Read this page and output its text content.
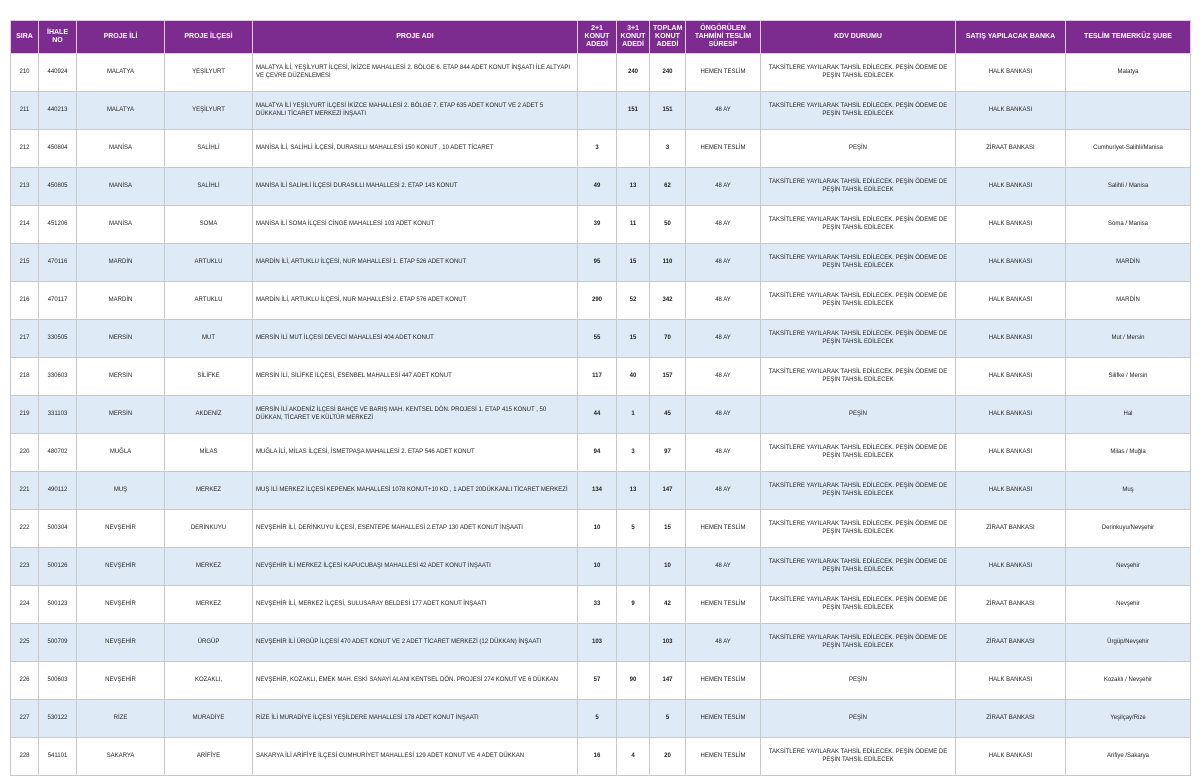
SIRA	İHALE NO	PROJE İLİ	PROJE İLÇESİ	PROJE ADI	2+1 KONUT ADEDİ	3+1 KONUT ADEDİ	TOPLAM KONUT ADEDİ	ÖNGÖRÜLEN TAHMİNİ TESLİM SÜRESİ*	KDV DURUMU	SATIŞ YAPILACAK BANKA	TESLİM TEMERKÜZ ŞUBE
210	440924	MALATYA	YEŞİLYURT	MALATYA İLİ, YEŞİLYURT İLÇESİ, İKİZCE MAHALLESİ 2. BÖLGE 6. ETAP 844 ADET KONUT İNŞAATI İLE ALTYAPI VE ÇEVRE DÜZENLEMESİ		240	240	HEMEN TESLİM	TAKSİTLERE YAYILARAK TAHSİL EDİLECEK. PEŞİN ÖDEME DE PEŞİN TAHSİL EDİLECEK	HALK BANKASI	Malatya
211	440213	MALATYA	YEŞİLYURT	MALATYA İLİ YEŞİLYURT İLÇESİ İKİZCE MAHALLESİ 2. BÖLGE 7. ETAP 635 ADET KONUT VE 2 ADET 5 DÜKKANLI TİCARET MERKEZİ İNŞAATI		151	151	48 AY	TAKSİTLERE YAYILARAK TAHSİL EDİLECEK. PEŞİN ÖDEME DE PEŞİN TAHSİL EDİLECEK	HALK BANKASI	
212	450804	MANİSA	SALİHLİ	MANİSA İLİ, SALİHLİ İLÇESİ, DURASILLI MAHALLESİ 150 KONUT , 10 ADET TİCARET	3		3	HEMEN TESLİM	PEŞİN	ZİRAAT BANKASI	Cumhuriyet-Salihli/Manisa
213	450805	MANİSA	SALİHLİ	MANİSA İLİ SALİHLİ İLÇESİ DURASILLI MAHALLESİ 2. ETAP 143 KONUT	49	13	62	48 AY	TAKSİTLERE YAYILARAK TAHSİL EDİLECEK. PEŞİN ÖDEME DE PEŞİN TAHSİL EDİLECEK	HALK BANKASI	Salihli / Manisa
214	451206	MANİSA	SOMA	MANİSA İLİ SOMA İLÇESİ CİNGE MAHALLESİ 103 ADET KONUT	39	11	50	48 AY	TAKSİTLERE YAYILARAK TAHSİL EDİLECEK. PEŞİN ÖDEME DE PEŞİN TAHSİL EDİLECEK	HALK BANKASI	Soma / Manisa
215	470116	MARDİN	ARTUKLU	MARDİN İLİ, ARTUKLU İLÇESİ, NUR MAHALLESİ 1. ETAP 526 ADET KONUT	95	15	110	48 AY	TAKSİTLERE YAYILARAK TAHSİL EDİLECEK. PEŞİN ÖDEME DE PEŞİN TAHSİL EDİLECEK	HALK BANKASI	MARDİN
216	470117	MARDİN	ARTUKLU	MARDİN İLİ, ARTUKLU İLÇESİ, NUR MAHALLESİ 2. ETAP 576 ADET KONUT	290	52	342	48 AY	TAKSİTLERE YAYILARAK TAHSİL EDİLECEK. PEŞİN ÖDEME DE PEŞİN TAHSİL EDİLECEK	HALK BANKASI	MARDİN
217	330505	MERSİN	MUT	MERSİN İLİ MUT İLÇESİ DEVECİ MAHALLESİ 404 ADET KONUT	55	15	70	48 AY	TAKSİTLERE YAYILARAK TAHSİL EDİLECEK. PEŞİN ÖDEME DE PEŞİN TAHSİL EDİLECEK	HALK BANKASI	Mut / Mersin
218	330603	MERSİN	SİLİFKE	MERSİN İLİ, SİLİFKE İLÇESİ, ESENBEL MAHALLESİ 447 ADET KONUT	117	40	157	48 AY	TAKSİTLERE YAYILARAK TAHSİL EDİLECEK. PEŞİN ÖDEME DE PEŞİN TAHSİL EDİLECEK	HALK BANKASI	Silifke / Mersin
219	331103	MERSİN	AKDENİZ	MERSİN İLİ AKDENİZ İLÇESİ BAHÇE VE BARIŞ MAH. KENTSEL DÖN. PROJESİ 1. ETAP 415 KONUT , 50 DÜKKAN, TİCARET VE KÜLTÜR MERKEZİ	44	1	45	48 AY	PEŞİN	HALK BANKASI	Hal
220	480702	MUĞLA	MİLAS	MUĞLA İLİ, MİLAS İLÇESİ, İSMETPAŞA MAHALLESİ 2. ETAP 546 ADET KONUT	94	3	97	48 AY	TAKSİTLERE YAYILARAK TAHSİL EDİLECEK. PEŞİN ÖDEME DE PEŞİN TAHSİL EDİLECEK	HALK BANKASI	Milas / Muğla
221	490112	MUŞ	MERKEZ	MUŞ İLİ MERKEZ İLÇESİ KEPENEK MAHALLESİ 1078 KONUT+10 KD , 1 ADET 20DÜKKANLI TİCARET MERKEZİ	134	13	147	48 AY	TAKSİTLERE YAYILARAK TAHSİL EDİLECEK. PEŞİN ÖDEME DE PEŞİN TAHSİL EDİLECEK	HALK BANKASI	Muş
222	500304	NEVŞEHİR	DERİNKUYU	NEVŞEHİR İLİ, DERİNKUYU İLÇESİ, ESENTEPE MAHALLESİ 2.ETAP 130 ADET KONUT İNŞAATI	10	5	15	HEMEN TESLİM	TAKSİTLERE YAYILARAK TAHSİL EDİLECEK. PEŞİN ÖDEME DE PEŞİN TAHSİL EDİLECEK	ZİRAAT BANKASI	Derinkuyu/Nevşehir
223	500126	NEVŞEHİR	MERKEZ	NEVŞEHİR İLİ MERKEZ İLÇESİ KAPUCUBAŞI MAHALLESİ 42 ADET KONUT İNŞAATI	10		10	48 AY	TAKSİTLERE YAYILARAK TAHSİL EDİLECEK. PEŞİN ÖDEME DE PEŞİN TAHSİL EDİLECEK	HALK BANKASI	Nevşehir
224	500123	NEVŞEHİR	MERKEZ	NEVŞEHİR İLİ, MERKEZ İLÇESİ, SULUSARAY BELDESİ 177 ADET KONUT İNŞAATI	33	9	42	HEMEN TESLİM	TAKSİTLERE YAYILARAK TAHSİL EDİLECEK. PEŞİN ÖDEME DE PEŞİN TAHSİL EDİLECEK	ZİRAAT BANKASI	Nevşehir
225	500709	NEVŞEHİR	ÜRGÜP	NEVŞEHİR İLİ ÜRGÜP İLÇESİ 470 ADET KONUT VE 2 ADET TİCARET MERKEZİ (12 DÜKKAN) İNŞAATI	103		103	48 AY	TAKSİTLERE YAYILARAK TAHSİL EDİLECEK. PEŞİN ÖDEME DE PEŞİN TAHSİL EDİLECEK	ZİRAAT BANKASI	Ürgüp/Nevşehir
226	500603	NEVŞEHİR	KOZAKLI,	NEVŞEHİR, KOZAKLI, EMEK MAH. ESKİ SANAYİ ALANI KENTSEL DÖN. PROJESİ 274 KONUT VE 6 DÜKKAN	57	90	147	HEMEN TESLİM	PEŞİN	HALK BANKASI	Kozaklı / Nevşehir
227	530122	RİZE	MURADİYE	RİZE İLİ MURADİYE İLÇESİ YEŞİLDERE MAHALLESİ 178 ADET KONUT İNŞAATI	5		5	HEMEN TESLİM	PEŞİN	ZİRAAT BANKASI	Yeşilçay/Rize
228	541101	SAKARYA	ARİFİYE	SAKARYA İLİ ARİFİYE İLÇESİ CUMHURİYET MAHALLESİ 129 ADET KONUT VE 4 ADET DÜKKAN	16	4	20	HEMEN TESLİM	TAKSİTLERE YAYILARAK TAHSİL EDİLECEK. PEŞİN ÖDEME DE PEŞİN TAHSİL EDİLECEK	HALK BANKASI	Arifiye /Sakarya
